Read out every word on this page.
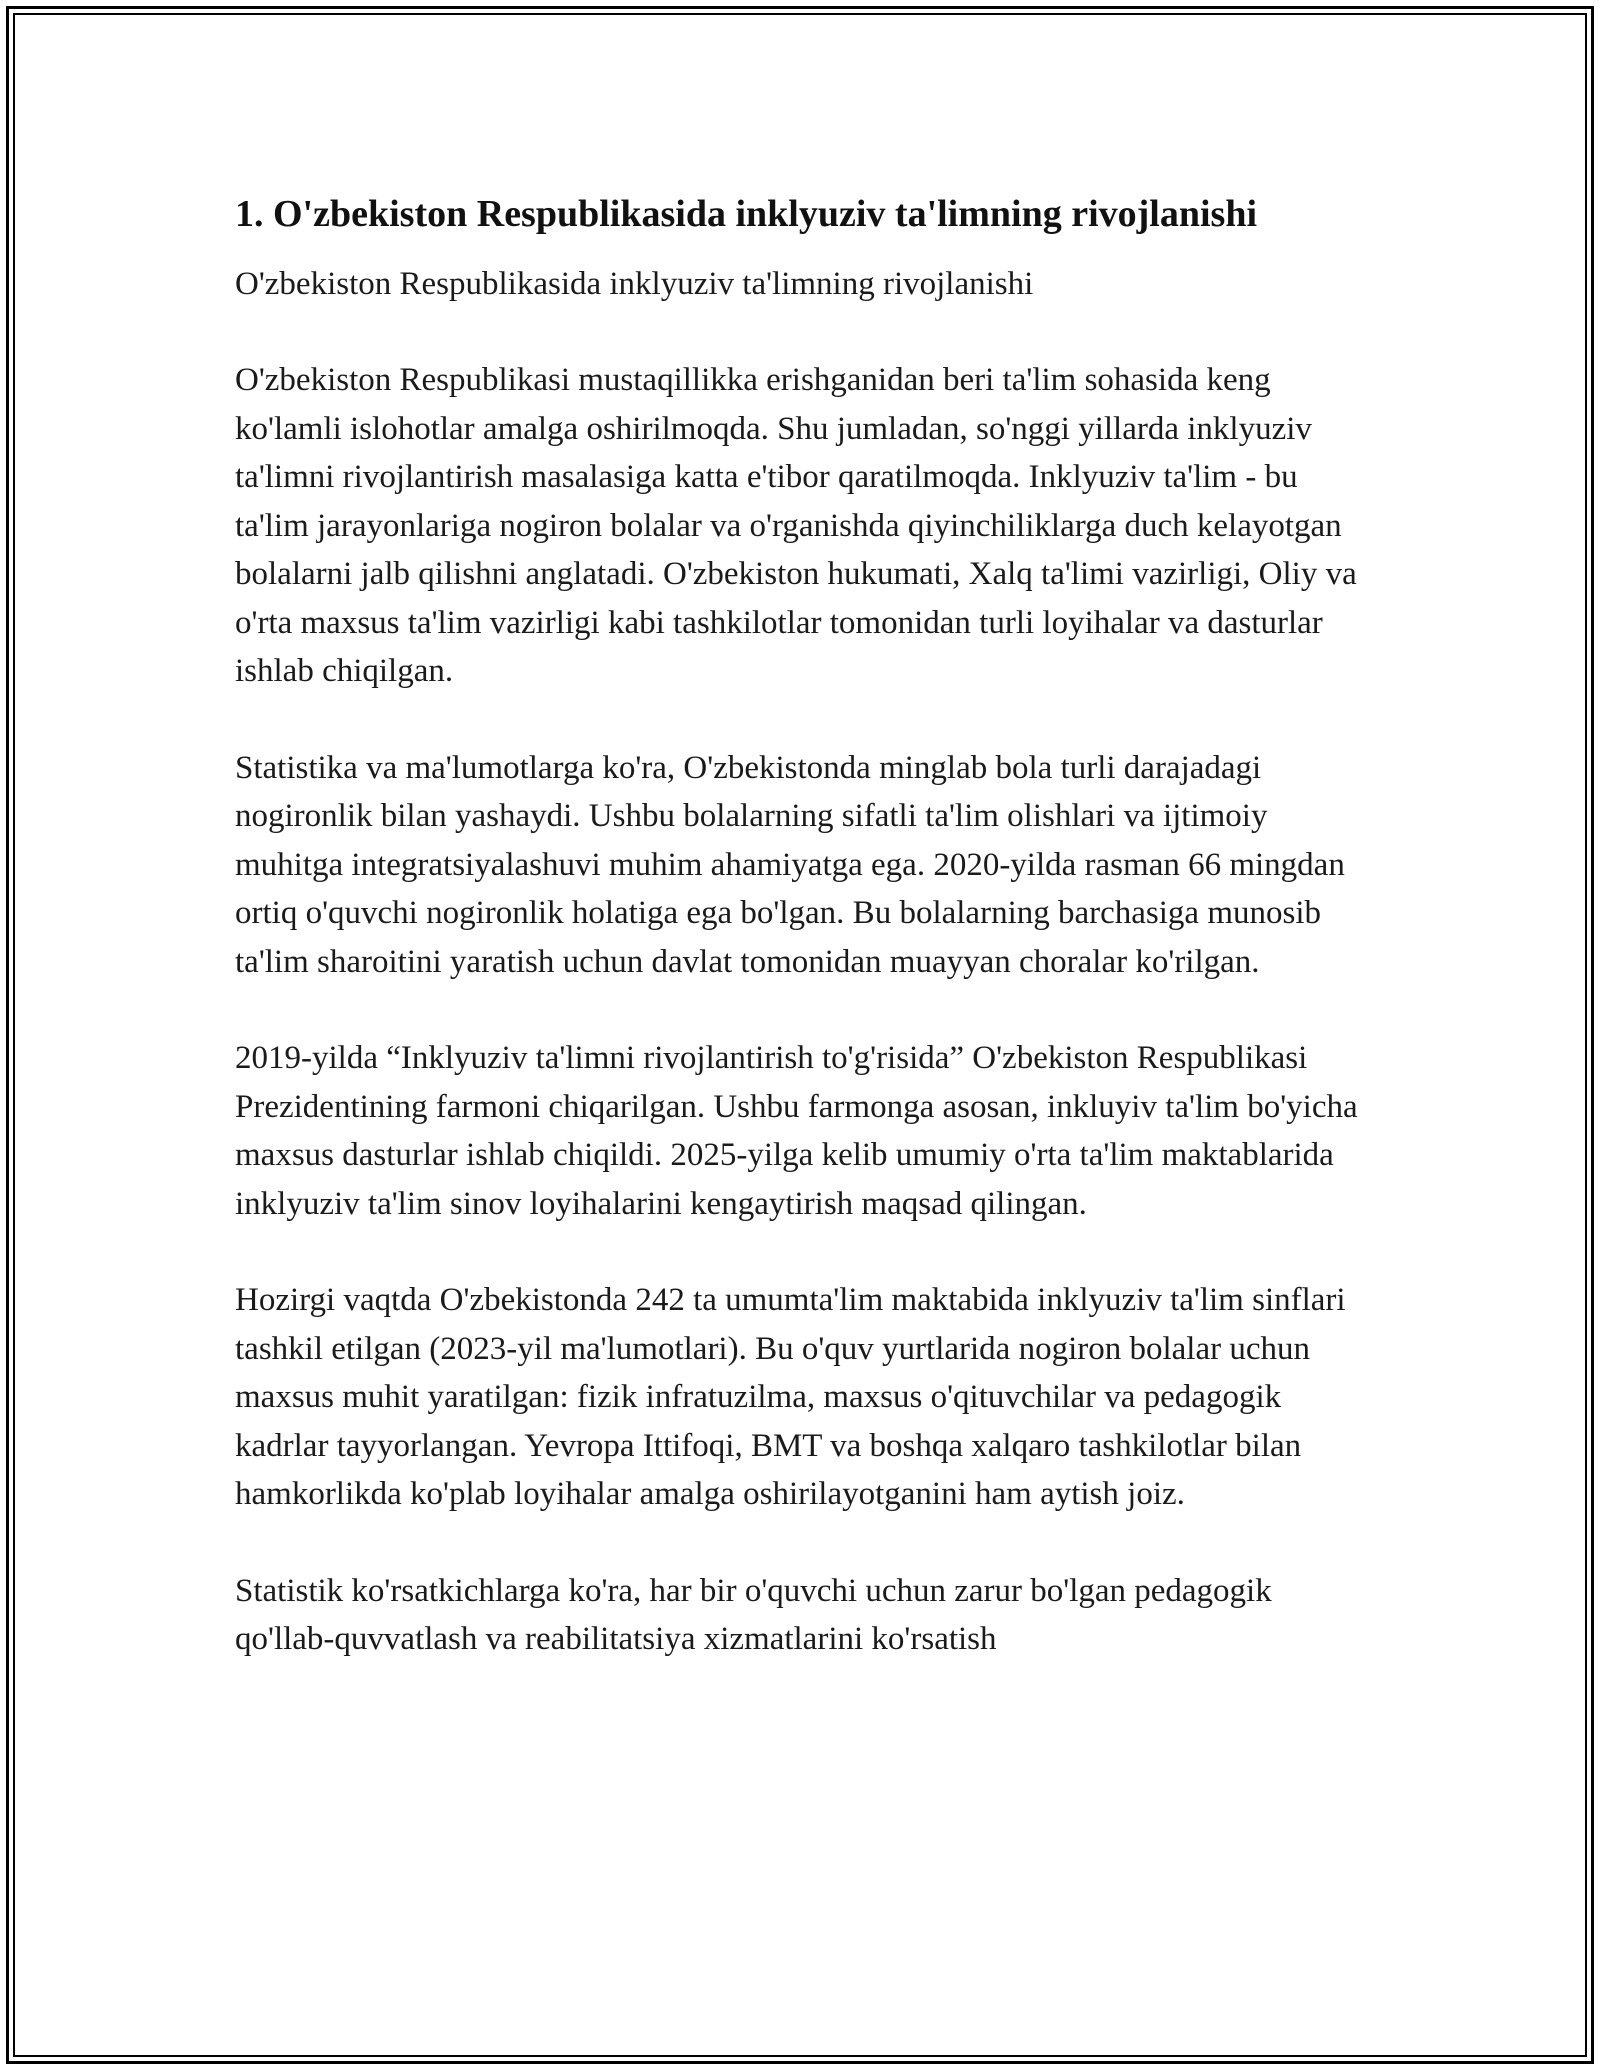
1. O'zbekiston Respublikasida inklyuziv ta'limning rivojlanishi

O'zbekiston Respublikasida inklyuziv ta'limning rivojlanishi

O'zbekiston Respublikasi mustaqillikka erishganidan beri ta'lim sohasida keng ko'lamli islohotlar amalga oshirilmoqda. Shu jumladan, so'nggi yillarda inklyuziv ta'limni rivojlantirish masalasiga katta e'tibor qaratilmoqda. Inklyuziv ta'lim - bu ta'lim jarayonlariga nogiron bolalar va o'rganishda qiyinchiliklarga duch kelayotgan bolalarni jalb qilishni anglatadi. O'zbekiston hukumati, Xalq ta'limi vazirligi, Oliy va o'rta maxsus ta'lim vazirligi kabi tashkilotlar tomonidan turli loyihalar va dasturlar ishlab chiqilgan.

Statistika va ma'lumotlarga ko'ra, O'zbekistonda minglab bola turli darajadagi nogironlik bilan yashaydi. Ushbu bolalarning sifatli ta'lim olishlari va ijtimoiy muhitga integratsiyalashuvi muhim ahamiyatga ega. 2020-yilda rasman 66 mingdan ortiq o'quvchi nogironlik holatiga ega bo'lgan. Bu bolalarning barchasiga munosib ta'lim sharoitini yaratish uchun davlat tomonidan muayyan choralar ko'rilgan.

2019-yilda “Inklyuziv ta'limni rivojlantirish to'g'risida” O'zbekiston Respublikasi Prezidentining farmoni chiqarilgan. Ushbu farmonga asosan, inkluyiv ta'lim bo'yicha maxsus dasturlar ishlab chiqildi. 2025-yilga kelib umumiy o'rta ta'lim maktablarida inklyuziv ta'lim sinov loyihalarini kengaytirish maqsad qilingan.

Hozirgi vaqtda O'zbekistonda 242 ta umumta'lim maktabida inklyuziv ta'lim sinflari tashkil etilgan (2023-yil ma'lumotlari). Bu o'quv yurtlarida nogiron bolalar uchun maxsus muhit yaratilgan: fizik infratuzilma, maxsus o'qituvchilar va pedagogik kadrlar tayyorlangan. Yevropa Ittifoqi, BMT va boshqa xalqaro tashkilotlar bilan hamkorlikda ko'plab loyihalar amalga oshirilayotganini ham aytish joiz.

Statistik ko'rsatkichlarga ko'ra, har bir o'quvchi uchun zarur bo'lgan pedagogik qo'llab-quvvatlash va reabilitatsiya xizmatlarini ko'rsatish
